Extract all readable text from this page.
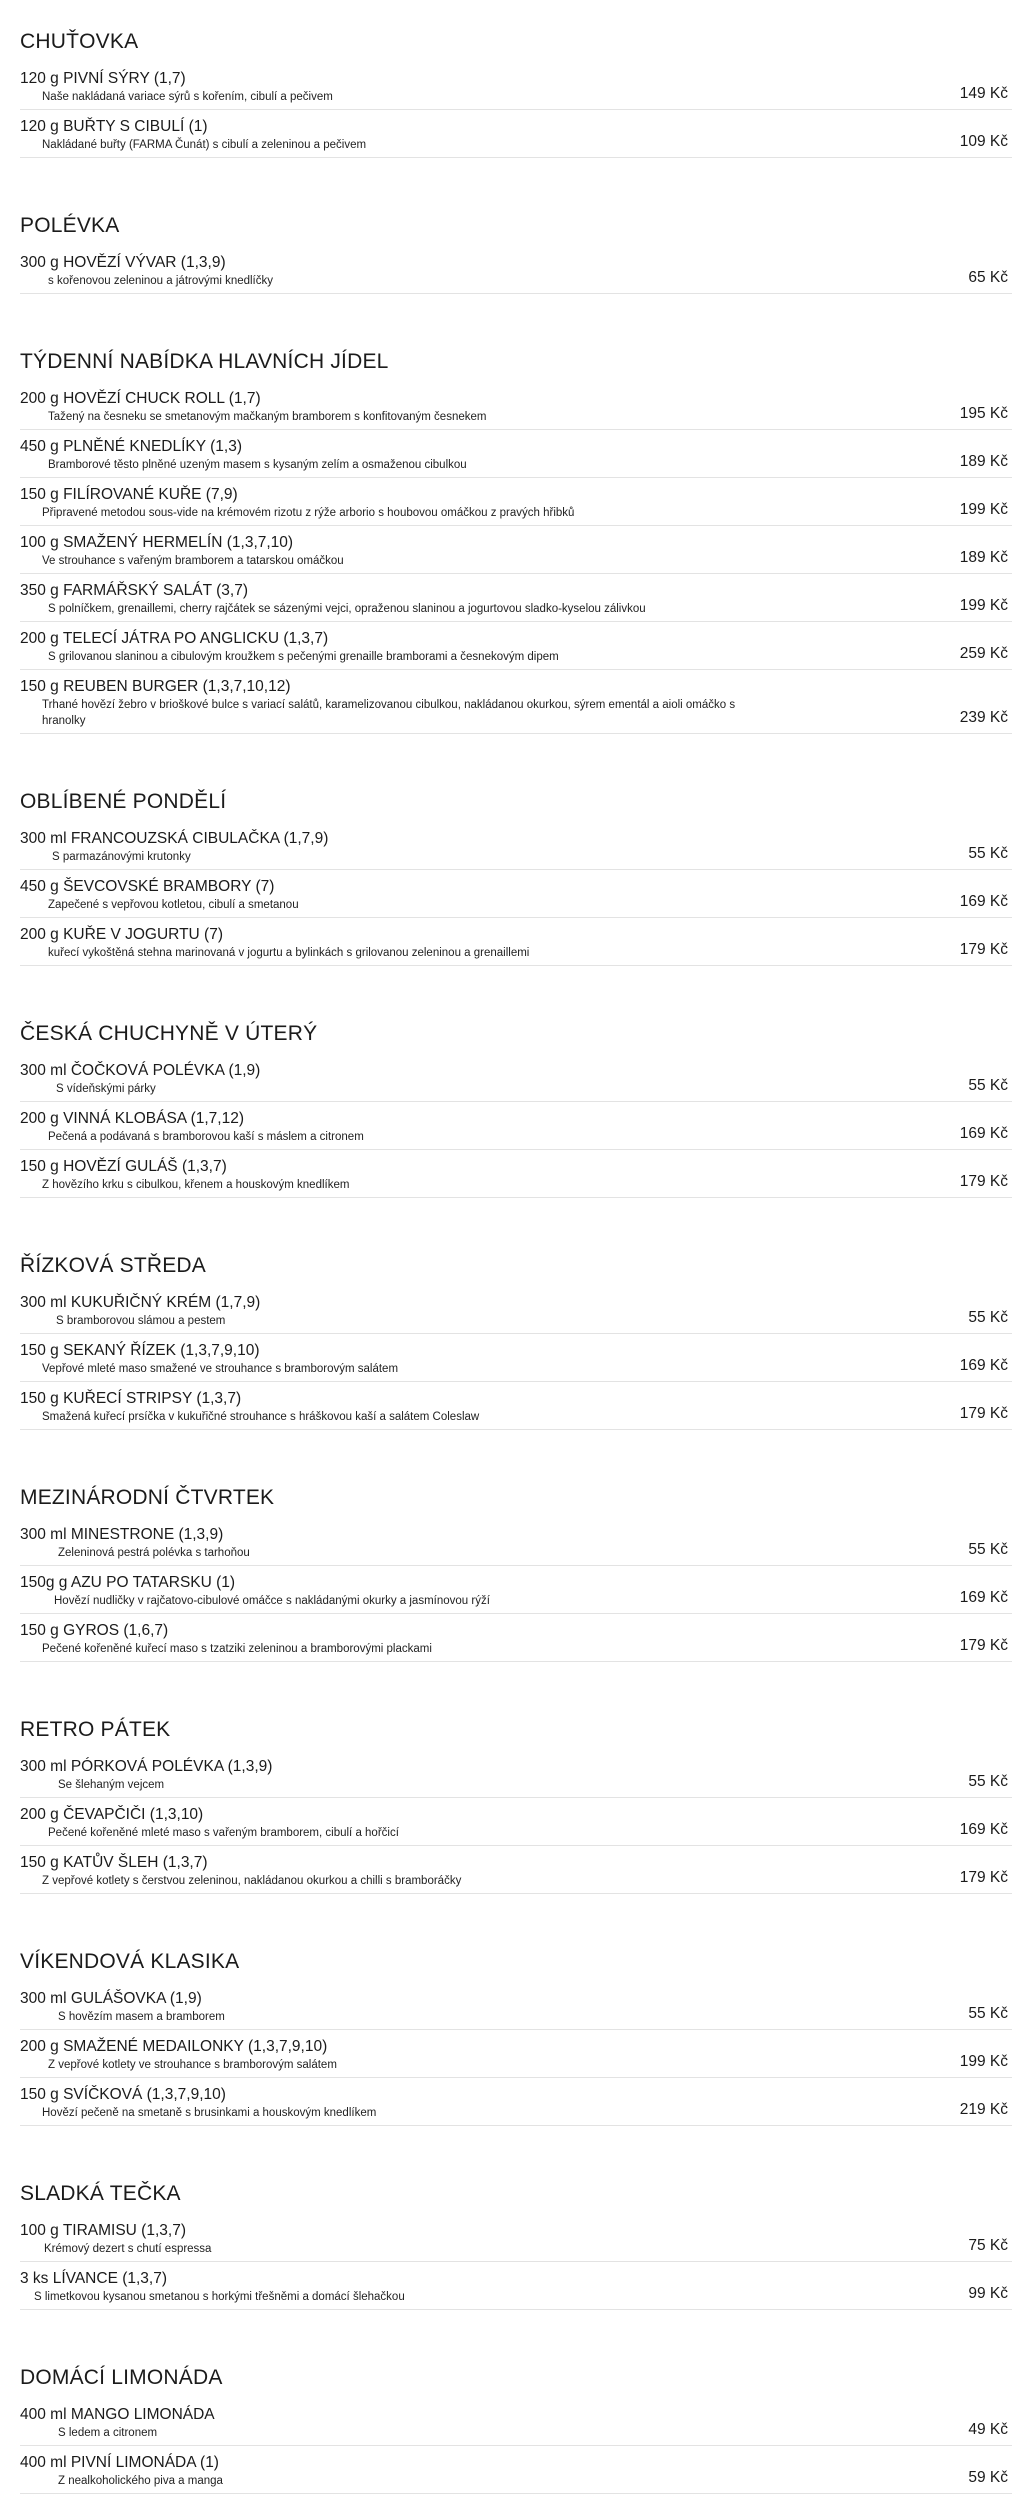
CHUŤOVKA
120 g PIVNÍ SÝRY (1,7)
Naše nakládaná variace sýrů s kořením, cibulí a pečivem	149 Kč
120 g BUŘTY S CIBULÍ (1)
Nakládané buřty (FARMA Čunát) s cibulí a zeleninou a pečivem	109 Kč
POLÉVKA
300 g HOVĚZÍ VÝVAR (1,3,9)
s kořenovou zeleninou a játrovými knedlíčky	65 Kč
TÝDENNÍ NABÍDKA HLAVNÍCH JÍDEL
200 g HOVĚZÍ CHUCK ROLL (1,7)
Tažený na česneku se smetanovým mačkaným bramborem s konfitovaným česnekem	195 Kč
450 g PLNĚNÉ KNEDLÍKY (1,3)
Bramborové těsto plněné uzeným masem s kysaným zelím a osmaženou cibulkou	189 Kč
150 g FILÍROVANÉ KUŘE (7,9)
Připravené metodou sous-vide na krémovém rizotu z rýže arborio s houbovou omáčkou z pravých hřibků	199 Kč
100 g SMAŽENÝ HERMELÍN (1,3,7,10)
Ve strouhance s vařeným bramborem a tatarskou omáčkou	189 Kč
350 g FARMÁŘSKÝ SALÁT (3,7)
S polníčkem, grenaillemi, cherry rajčátek se sázenými vejci, opraženou slaninou a jogurtovou sladko-kyselou zálivkou	199 Kč
200 g TELECÍ JÁTRA PO ANGLICKU (1,3,7)
S grilovanou slaninou a cibulovým kroužkem s pečenými grenaille bramborami a česnekovým dipem	259 Kč
150 g REUBEN BURGER (1,3,7,10,12)
Trhané hovězí žebro v brioškové bulce s variací salátů, karamelizovanou cibulkou, nakládanou okurkou, sýrem ementál a aioli omáčko s hranolky	239 Kč
OBLÍBENÉ PONDĚLÍ
300 ml FRANCOUZSKÁ CIBULAČKA (1,7,9)
S parmazánovými krutonky	55 Kč
450 g ŠEVCOVSKÉ BRAMBORY (7)
Zapečené s vepřovou kotletou, cibulí a smetanou	169 Kč
200 g KUŘE V JOGURTU (7)
kuřecí vykoštěná stehna marinovaná v jogurtu a bylinkách s grilovanou zeleninou a grenaillemi	179 Kč
ČESKÁ CHUCHYNĚ V ÚTERÝ
300 ml ČOČKOVÁ POLÉVKA (1,9)
S vídeňskými párky	55 Kč
200 g VINNÁ KLOBÁSA (1,7,12)
Pečená a podávaná s bramborovou kaší s máslem a citronem	169 Kč
150 g HOVĚZÍ GULÁŠ (1,3,7)
Z hovězího krku s cibulkou, křenem a houskovým knedlíkem	179 Kč
ŘÍZKOVÁ STŘEDA
300 ml KUKUŘIČNÝ KRÉM (1,7,9)
S bramborovou slámou a pestem	55 Kč
150 g SEKANÝ ŘÍZEK (1,3,7,9,10)
Vepřové mleté maso smažené ve strouhance s bramborovým salátem	169 Kč
150 g KUŘECÍ STRIPSY (1,3,7)
Smažená kuřecí prsíčka v kukuřičné strouhance s hráškovou kaší a salátem Coleslaw	179 Kč
MEZINÁRODNÍ ČTVRTEK
300 ml MINESTRONE (1,3,9)
Zeleninová pestrá polévka s tarhoňou	55 Kč
150g g AZU PO TATARSKU (1)
Hovězí nudličky v rajčatovo-cibulové omáčce s nakládanými okurky a jasmínovou rýží	169 Kč
150 g GYROS (1,6,7)
Pečené kořeněné kuřecí maso s tzatziki zeleninou a bramborovými plackami	179 Kč
RETRO PÁTEK
300 ml PÓRKOVÁ POLÉVKA (1,3,9)
Se šlehaným vejcem	55 Kč
200 g ČEVAPČIČI (1,3,10)
Pečené kořeněné mleté maso s vařeným bramborem, cibulí a hořčicí	169 Kč
150 g KATŮV ŠLEH (1,3,7)
Z vepřové kotlety s čerstvou zeleninou, nakládanou okurkou a chilli s bramboráčky	179 Kč
VÍKENDOVÁ KLASIKA
300 ml GULÁŠOVKA (1,9)
S hovězím masem a bramborem	55 Kč
200 g SMAŽENÉ MEDAILONKY (1,3,7,9,10)
Z vepřové kotlety ve strouhance s bramborovým salátem	199 Kč
150 g SVÍČKOVÁ (1,3,7,9,10)
Hovězí pečeně na smetaně s brusinkami a houskovým knedlíkem	219 Kč
SLADKÁ TEČKA
100 g TIRAMISU (1,3,7)
Krémový dezert s chutí espressa	75 Kč
3 ks LÍVANCE (1,3,7)
S limetkovou kysanou smetanou s horkými třešněmi a domácí šlehačkou	99 Kč
DOMÁCÍ LIMONÁDA
400 ml MANGO LIMONÁDA
S ledem a citronem	49 Kč
400 ml PIVNÍ LIMONÁDA (1)
Z nealkoholického piva a manga	59 Kč
